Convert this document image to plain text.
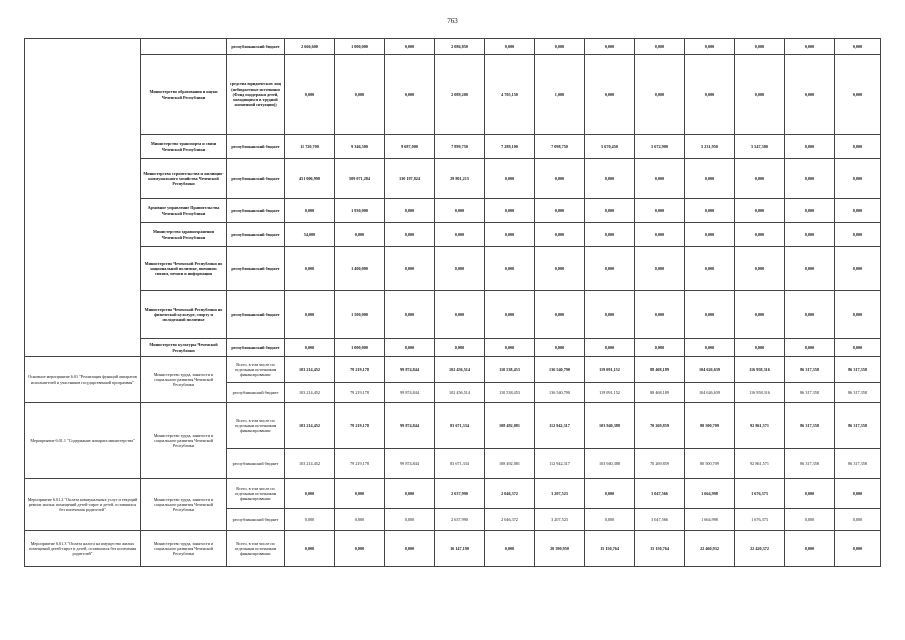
763
		республиканский бюджет	2 666,600	1 000,000	0,000	2 086,850	0,000	0,000	0,000	0,000	0,000	0,000	0,000	0,000
	Министерство образования и науки Чеченской Республики	средства юридических лиц (небюджетные источники (Фонд поддержки детей, находящихся в трудной жизненной ситуации))	0,000	0,000	0,000	2 089,200	4 705,150	1,000	0,000	0,000	0,000	0,000	0,000	0,000
	Министерство транспорта и связи Чеченской Республики	республиканский бюджет	11 720,700	9 346,500	9 687,000	7 899,750	7 289,100	7 098,750	5 670,450	5 672,900	5 231,950	5 547,300	0,000	0,000
	Министерство строительства и жилищно-коммунального хозяйства Чеченской Республики	республиканский бюджет	451 006,998	509 071,284	330 197,824	29 801,215	0,000	0,000	0,000	0,000	0,000	0,000	0,000	0,000
	Архивное управление Правительства Чеченской Республики	республиканский бюджет	0,000	1 930,000	0,000	0,000	0,000	0,000	0,000	0,000	0,000	0,000	0,000	0,000
	Министерство здравоохранения Чеченской Республики	республиканский бюджет	54,000	0,000	0,000	0,000	0,000	0,000	0,000	0,000	0,000	0,000	0,000	0,000
	Министерство Чеченской Республики по национальной политике, внешним связям, печати и информации	республиканский бюджет	0,000	1 400,000	0,000	0,000	0,000	0,000	0,000	0,000	0,000	0,000	0,000	0,000
	Министерство Чеченской Республики по физической культуре, спорту и молодежной политике	республиканский бюджет	0,000	1 500,000	0,000	0,000	0,000	0,000	0,000	0,000	0,000	0,000	0,000	0,000
	Министерство культуры Чеченской Республики	республиканский бюджет	0,000	1 000,000	0,000	0,000	0,000	0,000	0,000	0,000	0,000	0,000	0,000	0,000
Основное мероприятие 6.01 "Реализация функций аппаратов исполнителей и участников государственной программы"	Министерство труда, занятости и социального развития Чеченской Республики	Всего, в том числе по отдельным источникам финансирования:	103 214,452	79 219,178	99 874,844	102 456,514	110 538,453	136 540,790	119 091,152	88 468,189	104 626,639	116 958,316	86 317,358	86 317,358
		республиканский бюджет	103 214,452	79 219,178	99 874,844	102 456,514	110 538,453	136 540,790	119 091,152	88 468,189	104 626,639	116 958,316	86 317,358	86 317,358
Мероприятие 6.01.1 "Содержание аппарата министерства"	Министерство труда, занятости и социального развития Чеченской Республики	Всего, в том числе по отдельным источникам финансирования:	103 214,452	79 219,178	99 874,844	83 671,334	108 492,081	112 942,317	103 940,388	70 269,859	80 500,709	92 861,571	86 317,358	86 317,358
		республиканский бюджет	103 214,452	79 219,178	99 874,844	83 671,334	108 492,081	112 942,317	103 940,388	70 269,859	80 500,709	92 861,571	86 317,358	86 317,358
Мероприятие 6.01.2 "Оплата коммунальных услуг и текущий ремонт жилых помещений детей-сирот и детей, оставшихся без попечения родителей"	Министерство труда, занятости и социального развития Чеченской Республики	Всего, в том числе по отдельным источникам финансирования:	0,000	0,000	0,000	2 637,990	2 046,372	3 207,523	0,000	3 047,566	1 664,998	1 676,373	0,000	0,000
		республиканский бюджет	0,000	0,000	0,000	2 637,990	2 046,372	3 207,523	0,000	3 047,566	1 664,998	1 676,373	0,000	0,000
Мероприятие 6.01.3 "Оплата налога на имущество жилых помещений детей-сирот и детей, оставшихся без попечения родителей"	Министерство труда, занятости и социального развития Чеченской Республики	Всего, в том числе по отдельным источникам финансирования:	0,000	0,000	0,000	16 147,190	0,000	20 390,950	15 150,764	15 150,764	22 460,932	22 420,372	0,000	0,000
